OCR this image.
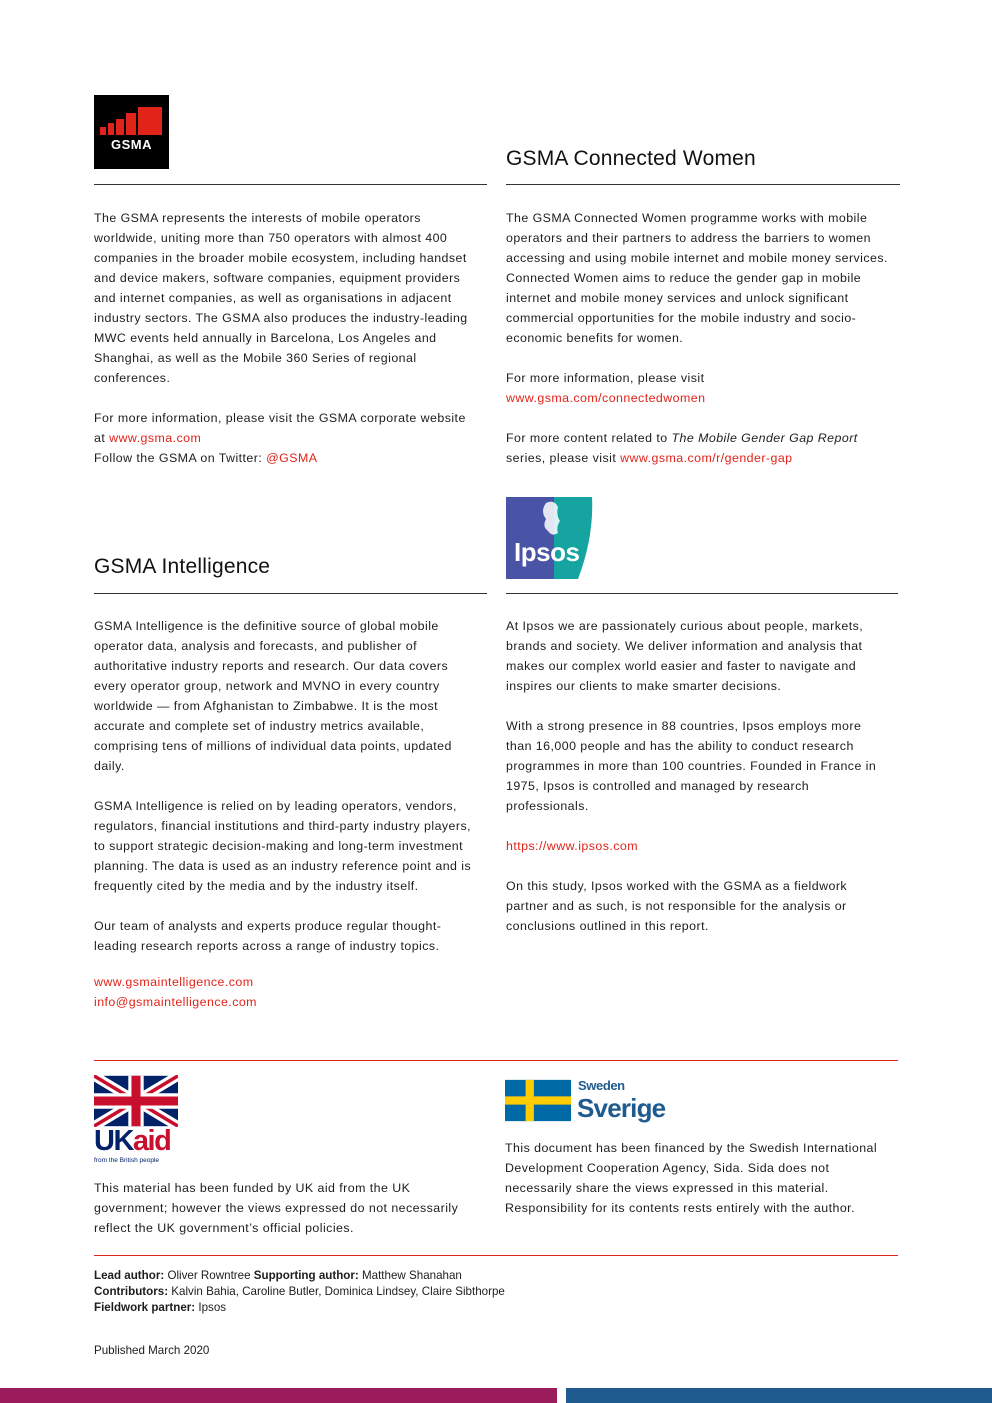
GSMA
GSMA Connected Women

The GSMA represents the interests of mobile operators worldwide, uniting more than 750 operators with almost 400 companies in the broader mobile ecosystem, including handset and device makers, software companies, equipment providers and internet companies, as well as organisations in adjacent industry sectors. The GSMA also produces the industry-leading MWC events held annually in Barcelona, Los Angeles and Shanghai, as well as the Mobile 360 Series of regional conferences.

For more information, please visit the GSMA corporate website at www.gsma.com

Follow the GSMA on Twitter: @GSMA

The GSMA Connected Women programme works with mobile operators and their partners to address the barriers to women accessing and using mobile internet and mobile money services. Connected Women aims to reduce the gender gap in mobile internet and mobile money services and unlock significant commercial opportunities for the mobile industry and socio-economic benefits for women.

For more information, please visit www.gsma.com/connectedwomen

For more content related to The Mobile Gender Gap Report series, please visit www.gsma.com/r/gender-gap

Ipsos
GSMA Intelligence

GSMA Intelligence is the definitive source of global mobile operator data, analysis and forecasts, and publisher of authoritative industry reports and research. Our data covers every operator group, network and MVNO in every country worldwide — from Afghanistan to Zimbabwe. It is the most accurate and complete set of industry metrics available, comprising tens of millions of individual data points, updated daily.

GSMA Intelligence is relied on by leading operators, vendors, regulators, financial institutions and third-party industry players, to support strategic decision-making and long-term investment planning. The data is used as an industry reference point and is frequently cited by the media and by the industry itself.

Our team of analysts and experts produce regular thought-leading research reports across a range of industry topics.

www.gsmaintelligence.com

info@gsmaintelligence.com

At Ipsos we are passionately curious about people, markets, brands and society. We deliver information and analysis that makes our complex world easier and faster to navigate and inspires our clients to make smarter decisions.

With a strong presence in 88 countries, Ipsos employs more than 16,000 people and has the ability to conduct research programmes in more than 100 countries. Founded in France in 1975, Ipsos is controlled and managed by research professionals.

https://www.ipsos.com

On this study, Ipsos worked with the GSMA as a fieldwork partner and as such, is not responsible for the analysis or conclusions outlined in this report.

UKaid
from the British people
Sweden
Sverige

This material has been funded by UK aid from the UK government; however the views expressed do not necessarily reflect the UK government’s official policies.

This document has been financed by the Swedish International Development Cooperation Agency, Sida. Sida does not necessarily share the views expressed in this material. Responsibility for its contents rests entirely with the author.

Lead author: Oliver Rowntree Supporting author: Matthew Shanahan
Contributors: Kalvin Bahia, Caroline Butler, Dominica Lindsey, Claire Sibthorpe
Fieldwork partner: Ipsos
Published March 2020
